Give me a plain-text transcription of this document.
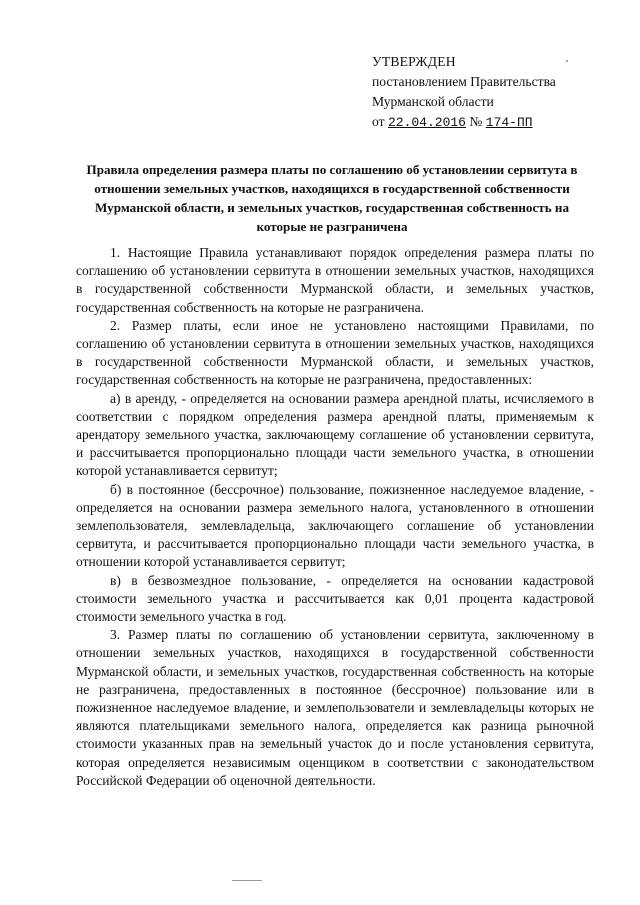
УТВЕРЖДЕН
постановлением Правительства
Мурманской области
от 22.04.2016 № 174-ПП
Правила определения размера платы по соглашению об установлении сервитута в отношении земельных участков, находящихся в государственной собственности Мурманской области, и земельных участков, государственная собственность на которые не разграничена

1. Настоящие Правила устанавливают порядок определения размера платы по соглашению об установлении сервитута в отношении земельных участков, находящихся в государственной собственности Мурманской области, и земельных участков, государственная собственность на которые не разграничена.

2. Размер платы, если иное не установлено настоящими Правилами, по соглашению об установлении сервитута в отношении земельных участков, находящихся в государственной собственности Мурманской области, и земельных участков, государственная собственность на которые не разграничена, предоставленных:

а) в аренду, - определяется на основании размера арендной платы, исчисляемого в соответствии с порядком определения размера арендной платы, применяемым к арендатору земельного участка, заключающему соглашение об установлении сервитута, и рассчитывается пропорционально площади части земельного участка, в отношении которой устанавливается сервитут;

б) в постоянное (бессрочное) пользование, пожизненное наследуемое владение, - определяется на основании размера земельного налога, установленного в отношении землепользователя, землевладельца, заключающего соглашение об установлении сервитута, и рассчитывается пропорционально площади части земельного участка, в отношении которой устанавливается сервитут;

в) в безвозмездное пользование, - определяется на основании кадастровой стоимости земельного участка и рассчитывается как 0,01 процента кадастровой стоимости земельного участка в год.

3. Размер платы по соглашению об установлении сервитута, заключенному в отношении земельных участков, находящихся в государственной собственности Мурманской области, и земельных участков, государственная собственность на которые не разграничена, предоставленных в постоянное (бессрочное) пользование или в пожизненное наследуемое владение, и землепользователи и землевладельцы которых не являются плательщиками земельного налога, определяется как разница рыночной стоимости указанных прав на земельный участок до и после установления сервитута, которая определяется независимым оценщиком в соответствии с законодательством Российской Федерации об оценочной деятельности.
